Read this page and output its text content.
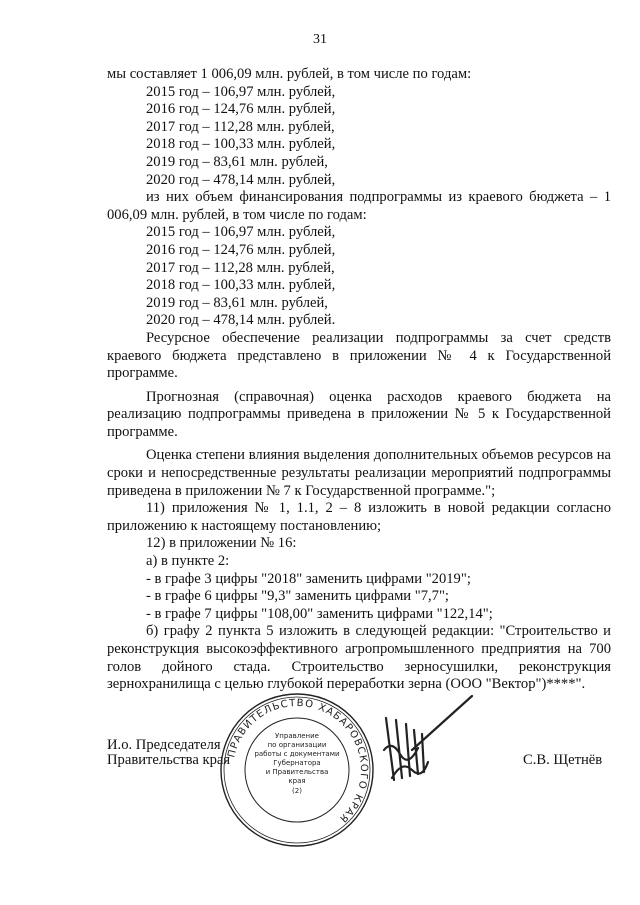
31

мы составляет 1 006,09 млн. рублей, в том числе по годам:

2015 год – 106,97 млн. рублей,

2016 год – 124,76 млн. рублей,

2017 год – 112,28 млн. рублей,

2018 год – 100,33 млн. рублей,

2019 год – 83,61 млн. рублей,

2020 год – 478,14 млн. рублей,

из них объем финансирования подпрограммы из краевого бюджета – 1 006,09 млн. рублей, в том числе по годам:

2015 год – 106,97 млн. рублей,

2016 год – 124,76 млн. рублей,

2017 год – 112,28 млн. рублей,

2018 год – 100,33 млн. рублей,

2019 год – 83,61 млн. рублей,

2020 год – 478,14 млн. рублей.

Ресурсное обеспечение реализации подпрограммы за счет средств краевого бюджета представлено в приложении № 4 к Государственной программе.

Прогнозная (справочная) оценка расходов краевого бюджета на реализацию подпрограммы приведена в приложении № 5 к Государственной программе.

Оценка степени влияния выделения дополнительных объемов ресурсов на сроки и непосредственные результаты реализации мероприятий подпрограммы приведена в приложении № 7 к Государственной программе.";

11) приложения № 1, 1.1, 2 – 8 изложить в новой редакции согласно приложению к настоящему постановлению;

12) в приложении № 16:

а) в пункте 2:

- в графе 3 цифры "2018" заменить цифрами "2019";

- в графе 6 цифры "9,3" заменить цифрами "7,7";

- в графе 7 цифры "108,00" заменить цифрами "122,14";

б) графу 2 пункта 5 изложить в следующей редакции: "Строительство и реконструкция высокоэффективного агропромышленного предприятия на 700 голов дойного стада. Строительство зерносушилки, реконструкция зернохранилища с целью глубокой переработки зерна (ООО "Вектор")****".

И.о. Председателя
Правительства края
ПРАВИТЕЛЬСТВО ХАБАРОВСКОГО КРАЯ
Управление
по организации
работы с документами
Губернатора
и Правительства
края
(2)
С.В. Щетнёв
